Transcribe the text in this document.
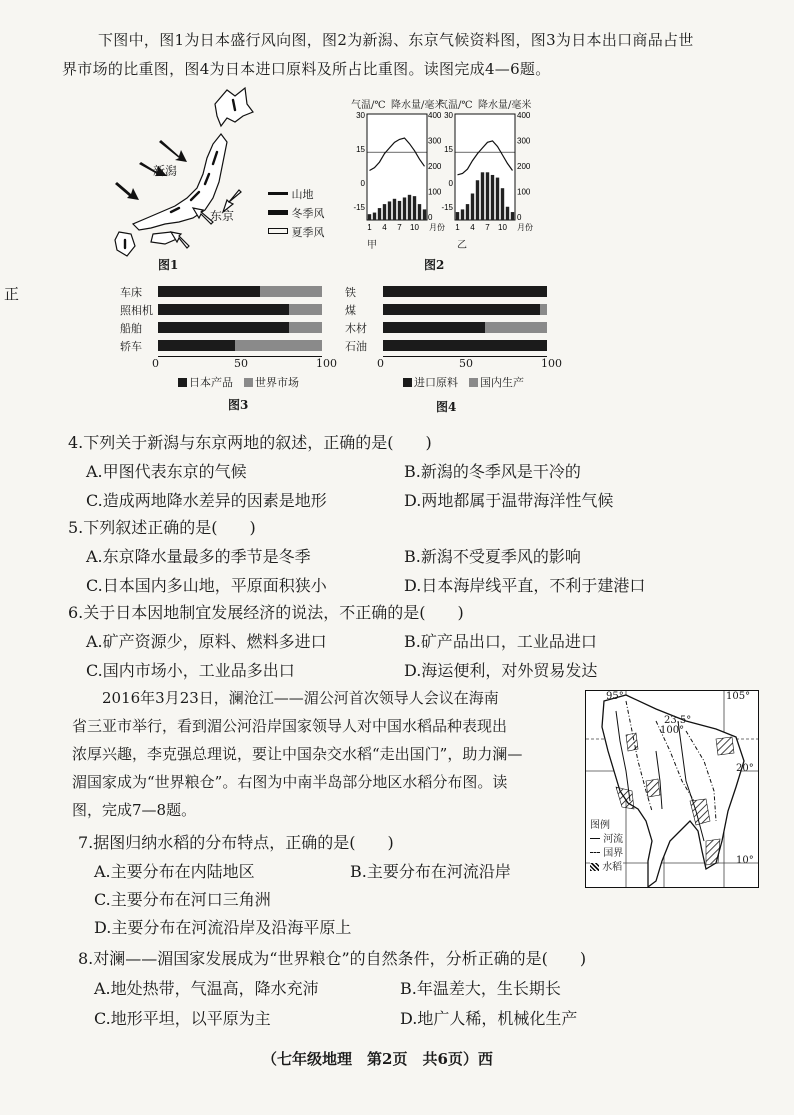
下图中，图1为日本盛行风向图，图2为新潟、东京气候资料图，图3为日本出口商品占世
界市场的比重图，图4为日本进口原料及所占比重图。读图完成4—6题。
正
新潟
东京
山地
冬季风
夏季风
图1
气温/℃ 降水量/毫米
气温/℃ 降水量/毫米
1 4 7 10 月份 1 4 7 10 月份
30	30
15	15
0	0
-15	-15
400	400
300	300
200	200
100	100
0	0
甲	乙
图2
车床
照相机
船舶
轿车
0	50	100
日本产品　 世界市场
图3
铁
煤
木材
石油
0	50	100
进口原料　 国内生产
图4
4.下列关于新潟与东京两地的叙述，正确的是(　　)
A.甲图代表东京的气候	B.新潟的冬季风是干冷的
C.造成两地降水差异的因素是地形	D.两地都属于温带海洋性气候
5.下列叙述正确的是(　　)
A.东京降水量最多的季节是冬季	B.新潟不受夏季风的影响
C.日本国内多山地，平原面积狭小	D.日本海岸线平直，不利于建港口
6.关于日本因地制宜发展经济的说法，不正确的是(　　)
A.矿产资源少，原料、燃料多进口	B.矿产品出口，工业品进口
C.国内市场小，工业品多出口	D.海运便利，对外贸易发达
2016年3月23日，澜沧江——湄公河首次领导人会议在海南
省三亚市举行，看到湄公河沿岸国家领导人对中国水稻品种表现出
浓厚兴趣，李克强总理说，要让中国杂交水稻“走出国门”，助力澜—
湄国家成为“世界粮仓”。右图为中南半岛部分地区水稻分布图。读
图，完成7—8题。
95°	105°
100°
23.5°
20°
10°
图例
河流
国界
水稻
7.据图归纳水稻的分布特点，正确的是(　　)
A.主要分布在内陆地区	B.主要分布在河流沿岸
C.主要分布在河口三角洲
D.主要分布在河流沿岸及沿海平原上
8.对澜——湄国家发展成为“世界粮仓”的自然条件，分析正确的是(　　)
A.地处热带，气温高，降水充沛	B.年温差大，生长期长
C.地形平坦，以平原为主	D.地广人稀，机械化生产
（七年级地理　第2页　共6页）西
